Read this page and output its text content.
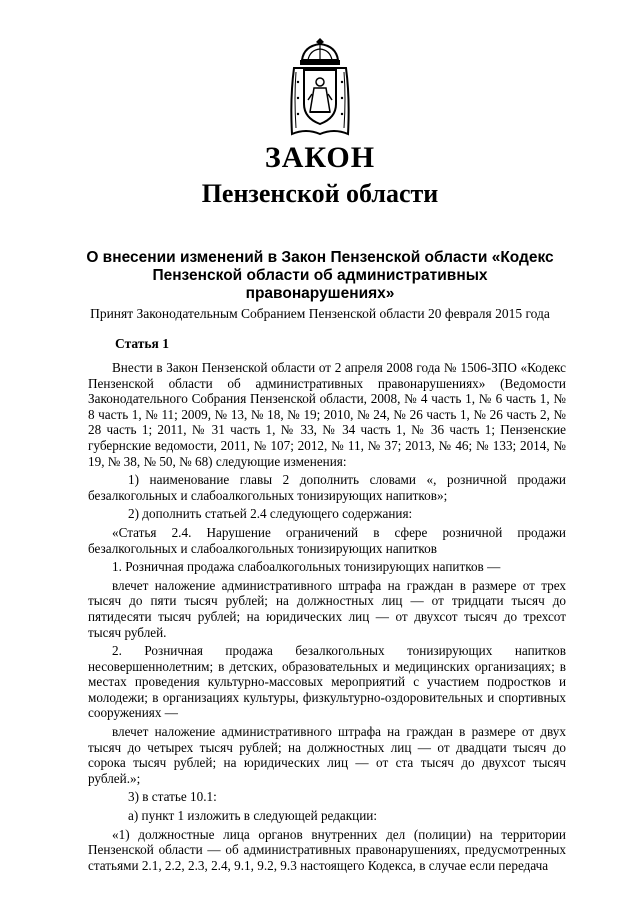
ЗАКОН
Пензенской области
О внесении изменений в Закон Пензенской области «Кодекс Пензенской области об административных правонарушениях»
Принят Законодательным Собранием Пензенской области 20 февраля 2015 года
Статья 1

Внести в Закон Пензенской области от 2 апреля 2008 года № 1506-ЗПО «Кодекс Пензенской области об административных правонарушениях» (Ведомости Законодательного Собрания Пензенской области, 2008, № 4 часть 1, № 6 часть 1, № 8 часть 1, № 11; 2009, № 13, № 18, № 19; 2010, № 24, № 26 часть 1, № 26 часть 2, № 28 часть 1; 2011, № 31 часть 1, № 33, № 34 часть 1, № 36 часть 1; Пензенские губернские ведомости, 2011, № 107; 2012, № 11, № 37; 2013, № 46; № 133; 2014, № 19, № 38, № 50, № 68) следующие изменения:

1) наименование главы 2 дополнить словами «, розничной продажи безалкогольных и слабоалкогольных тонизирующих напитков»;

2) дополнить статьей 2.4 следующего содержания:

«Статья 2.4. Нарушение ограничений в сфере розничной продажи безалкогольных и слабоалкогольных тонизирующих напитков

1. Розничная продажа слабоалкогольных тонизирующих напитков —

влечет наложение административного штрафа на граждан в размере от трех тысяч до пяти тысяч рублей; на должностных лиц — от тридцати тысяч до пятидесяти тысяч рублей; на юридических лиц — от двухсот тысяч до трехсот тысяч рублей.

2. Розничная продажа безалкогольных тонизирующих напитков несовершеннолетним; в детских, образовательных и медицинских организациях; в местах проведения культурно-массовых мероприятий с участием подростков и молодежи; в организациях культуры, физкультурно-оздоровительных и спортивных сооружениях —

влечет наложение административного штрафа на граждан в размере от двух тысяч до четырех тысяч рублей; на должностных лиц — от двадцати тысяч до сорока тысяч рублей; на юридических лиц — от ста тысяч до двухсот тысяч рублей.»;

3) в статье 10.1:

а) пункт 1 изложить в следующей редакции:

«1) должностные лица органов внутренних дел (полиции) на территории Пензенской области — об административных правонарушениях, предусмотренных статьями 2.1, 2.2, 2.3, 2.4, 9.1, 9.2, 9.3 настоящего Кодекса, в случае если передача
